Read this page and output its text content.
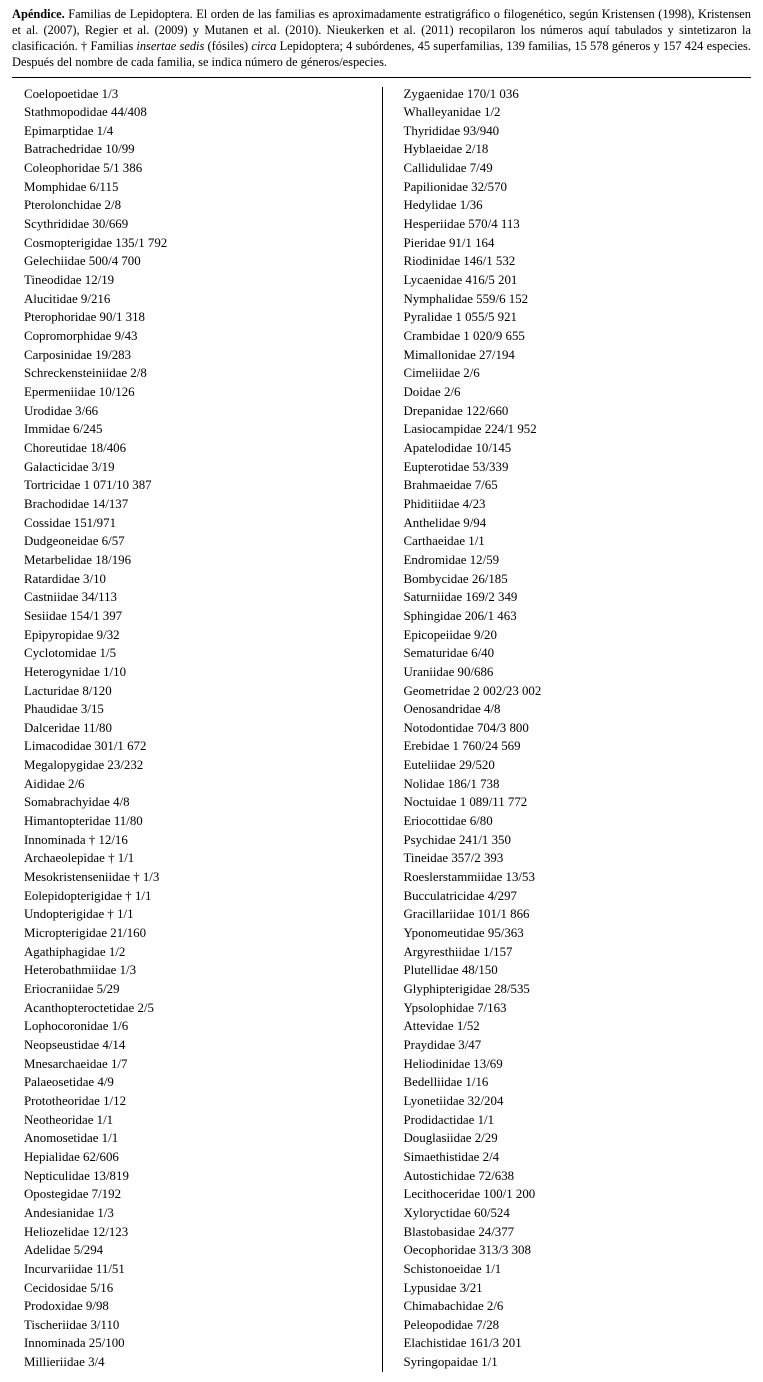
Apéndice. Familias de Lepidoptera. El orden de las familias es aproximadamente estratigráfico o filogenético, según Kristensen (1998), Kristensen et al. (2007), Regier et al. (2009) y Mutanen et al. (2010). Nieukerken et al. (2011) recopilaron los números aquí tabulados y sintetizaron la clasificación. † Familias insertae sedis (fósiles) circa Lepidoptera; 4 subórdenes, 45 superfamilias, 139 familias, 15 578 géneros y 157 424 especies. Después del nombre de cada familia, se indica número de géneros/especies.
Coelopoetidae 1/3
Stathmopodidae 44/408
Epimarptidae 1/4
Batrachedridae 10/99
Coleophoridae 5/1 386
Momphidae 6/115
Pterolonchidae 2/8
Scythrididae 30/669
Cosmopterigidae 135/1 792
Gelechiidae 500/4 700
Tineodidae 12/19
Alucitidae 9/216
Pterophoridae 90/1 318
Copromorphidae 9/43
Carposinidae 19/283
Schreckensteiniidae 2/8
Epermeniidae 10/126
Urodidae 3/66
Immidae 6/245
Choreutidae 18/406
Galacticidae 3/19
Tortricidae 1 071/10 387
Brachodidae 14/137
Cossidae 151/971
Dudgeoneidae 6/57
Metarbelidae 18/196
Ratardidae 3/10
Castniidae 34/113
Sesiidae 154/1 397
Epipyropidae 9/32
Cyclotomidae 1/5
Heterogynidae 1/10
Lacturidae 8/120
Phaudidae 3/15
Dalceridae 11/80
Limacodidae 301/1 672
Megalopygidae 23/232
Aididae 2/6
Somabrachyidae 4/8
Himantopteridae 11/80
Innominada † 12/16
Archaeolepidae † 1/1
Mesokristenseniidae † 1/3
Eolepidopterigidae † 1/1
Undopterigidae † 1/1
Micropterigidae 21/160
Agathiphagidae 1/2
Heterobathmiidae 1/3
Eriocraniidae 5/29
Acanthopteroctetidae 2/5
Lophocoronidae 1/6
Neopseustidae 4/14
Mnesarchaeidae 1/7
Palaeosetidae 4/9
Prototheoridae 1/12
Neotheoridae 1/1
Anomosetidae 1/1
Hepialidae 62/606
Nepticulidae 13/819
Opostegidae 7/192
Andesianidae 1/3
Heliozelidae 12/123
Adelidae 5/294
Incurvariidae 11/51
Cecidosidae 5/16
Prodoxidae 9/98
Tischeriidae 3/110
Innominada 25/100
Millieriidae 3/4
Zygaenidae 170/1 036
Whalleyanidae 1/2
Thyrididae 93/940
Hyblaeidae 2/18
Callidulidae 7/49
Papilionidae 32/570
Hedylidae 1/36
Hesperiidae 570/4 113
Pieridae 91/1 164
Riodinidae 146/1 532
Lycaenidae 416/5 201
Nymphalidae 559/6 152
Pyralidae 1 055/5 921
Crambidae 1 020/9 655
Mimallonidae 27/194
Cimeliidae 2/6
Doidae 2/6
Drepanidae 122/660
Lasiocampidae 224/1 952
Apatelodidae 10/145
Eupterotidae 53/339
Brahmaeidae 7/65
Phiditiidae 4/23
Anthelidae 9/94
Carthaeidae 1/1
Endromidae 12/59
Bombycidae 26/185
Saturniidae 169/2 349
Sphingidae 206/1 463
Epicopeiidae 9/20
Sematuridae 6/40
Uraniidae 90/686
Geometridae 2 002/23 002
Oenosandridae 4/8
Notodontidae 704/3 800
Erebidae 1 760/24 569
Euteliidae 29/520
Nolidae 186/1 738
Noctuidae 1 089/11 772
Eriocottidae 6/80
Psychidae 241/1 350
Tineidae 357/2 393
Roeslerstammiidae 13/53
Bucculatricidae 4/297
Gracillariidae 101/1 866
Yponomeutidae 95/363
Argyresthiidae 1/157
Plutellidae 48/150
Glyphipterigidae 28/535
Ypsolophidae 7/163
Attevidae 1/52
Praydidae 3/47
Heliodinidae 13/69
Bedelliidae 1/16
Lyonetiidae 32/204
Prodidactidae 1/1
Douglasiidae 2/29
Simaethistidae 2/4
Autostichidae 72/638
Lecithoceridae 100/1 200
Xyloryctidae 60/524
Blastobasidae 24/377
Oecophoridae 313/3 308
Schistonoeidae 1/1
Lypusidae 3/21
Chimabachidae 2/6
Peleopodidae 7/28
Elachistidae 161/3 201
Syringopaidae 1/1
